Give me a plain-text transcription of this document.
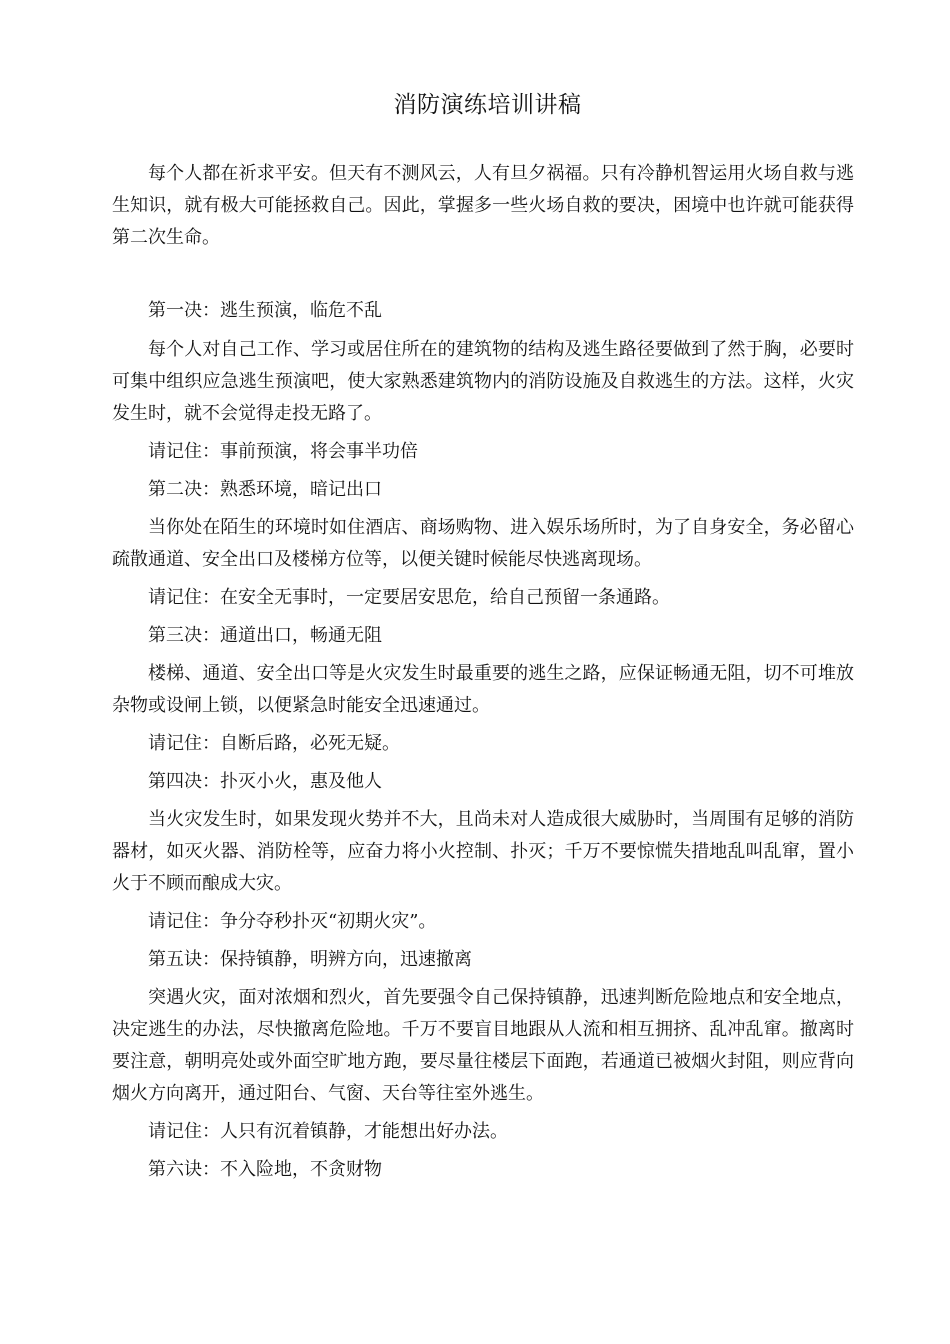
消防演练培训讲稿

每个人都在祈求平安。但天有不测风云，人有旦夕祸福。只有冷静机智运用火场自救与逃生知识，就有极大可能拯救自己。因此，掌握多一些火场自救的要决，困境中也许就可能获得第二次生命。

第一决：逃生预演，临危不乱

每个人对自己工作、学习或居住所在的建筑物的结构及逃生路径要做到了然于胸，必要时可集中组织应急逃生预演吧，使大家熟悉建筑物内的消防设施及自救逃生的方法。这样，火灾发生时，就不会觉得走投无路了。

请记住：事前预演，将会事半功倍

第二决：熟悉环境，暗记出口

当你处在陌生的环境时如住酒店、商场购物、进入娱乐场所时，为了自身安全，务必留心疏散通道、安全出口及楼梯方位等，以便关键时候能尽快逃离现场。

请记住：在安全无事时，一定要居安思危，给自己预留一条通路。

第三决：通道出口，畅通无阻

楼梯、通道、安全出口等是火灾发生时最重要的逃生之路，应保证畅通无阻，切不可堆放杂物或设闸上锁，以便紧急时能安全迅速通过。

请记住：自断后路，必死无疑。

第四决：扑灭小火，惠及他人

当火灾发生时，如果发现火势并不大，且尚未对人造成很大威胁时，当周围有足够的消防器材，如灭火器、消防栓等，应奋力将小火控制、扑灭；千万不要惊慌失措地乱叫乱窜，置小火于不顾而酿成大灾。

请记住：争分夺秒扑灭“初期火灾”。

第五诀：保持镇静，明辨方向，迅速撤离

突遇火灾，面对浓烟和烈火，首先要强令自己保持镇静，迅速判断危险地点和安全地点，决定逃生的办法，尽快撤离危险地。千万不要盲目地跟从人流和相互拥挤、乱冲乱窜。撤离时要注意，朝明亮处或外面空旷地方跑，要尽量往楼层下面跑，若通道已被烟火封阻，则应背向烟火方向离开，通过阳台、气窗、天台等往室外逃生。

请记住：人只有沉着镇静，才能想出好办法。

第六诀：不入险地，不贪财物
